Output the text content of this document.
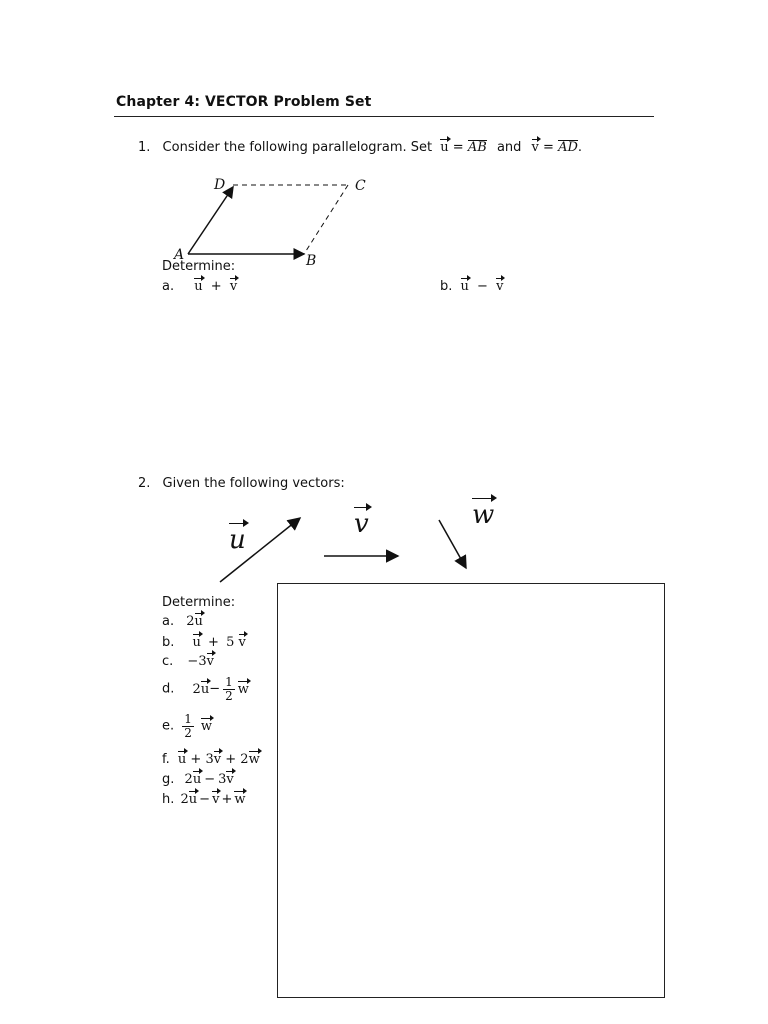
Chapter 4: VECTOR Problem Set
1. Consider the following parallelogram. Set u = AB and v = AD.
D	C
A	B
Determine:
a. u + v	b. u − v
2. Given the following vectors:
u
v	w
Determine:
a. 2u
b. u + 5 v
c. −3v
d. $2u- \frac{1}{2}$ w
e. $\frac{1}{2}$ w
f. u + 3v + 2w
g. 2u − 3v
h. 2u − v + w
